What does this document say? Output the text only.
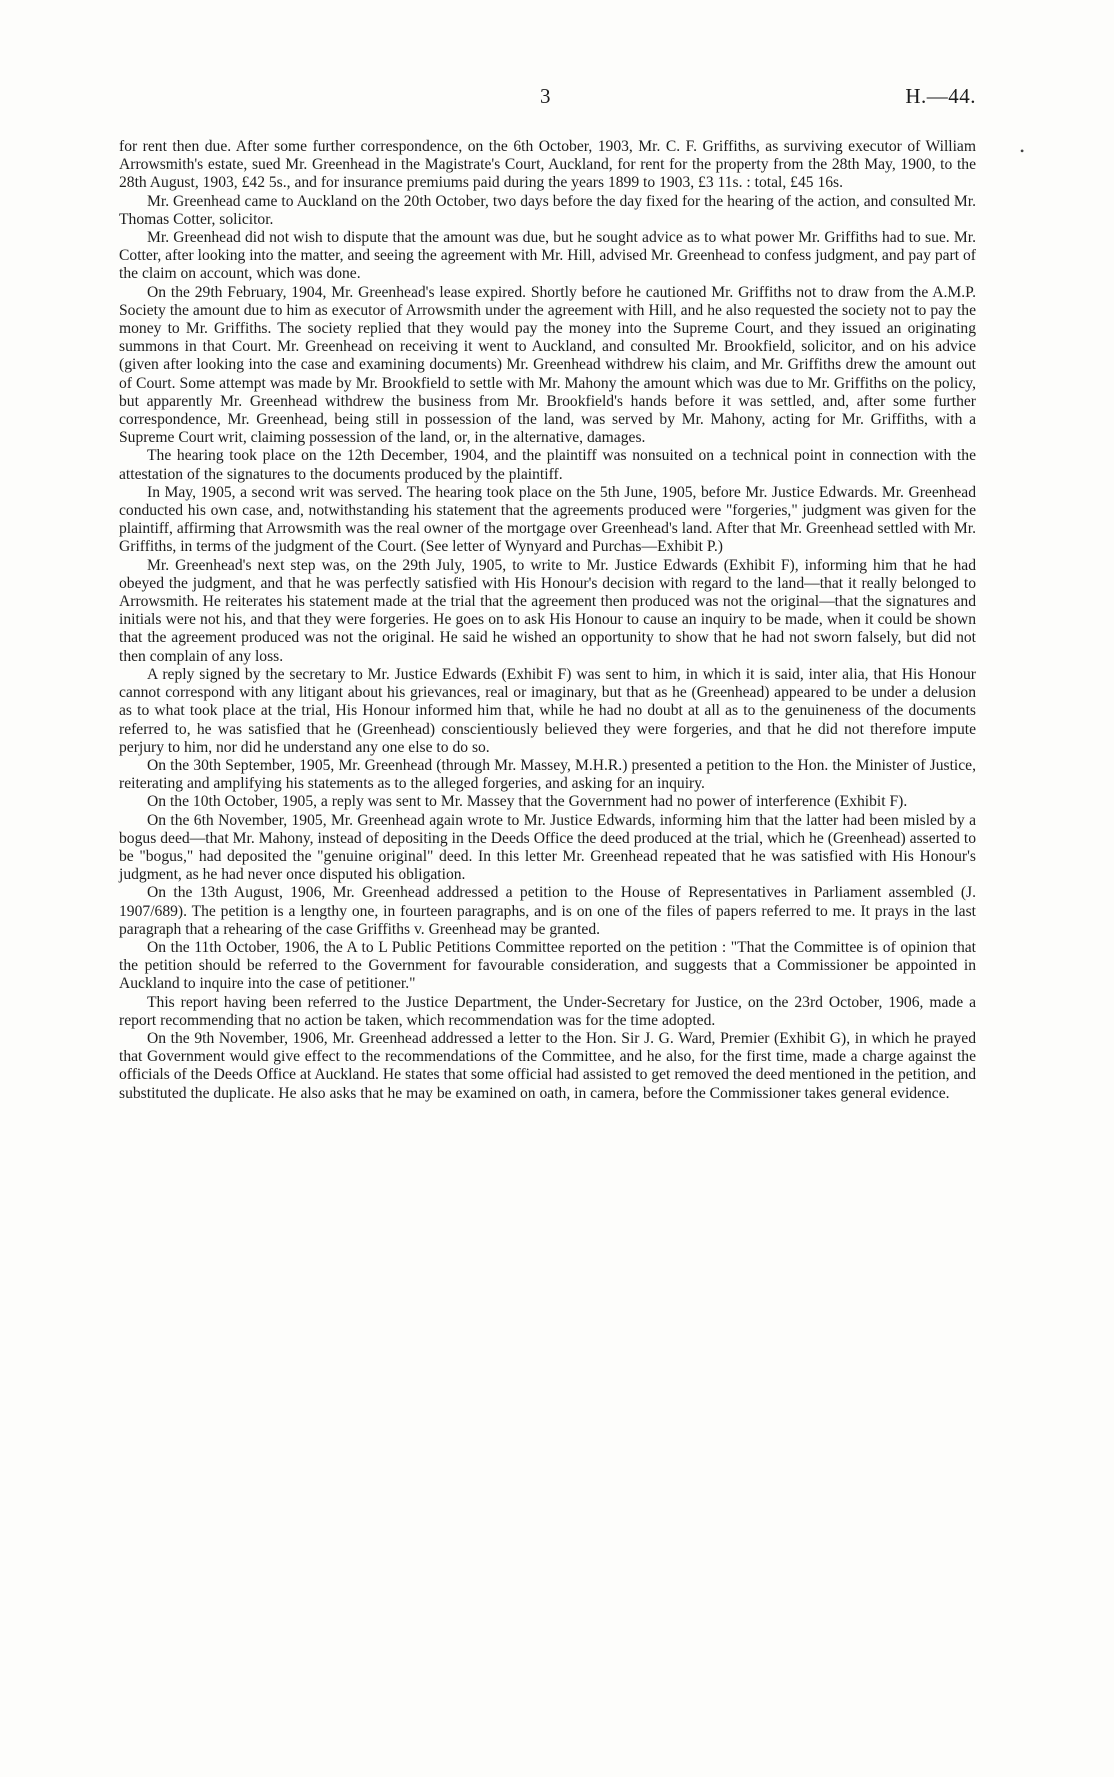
3	H.—44.
•

for rent then due. After some further correspondence, on the 6th October, 1903, Mr. C. F. Griffiths, as surviving executor of William Arrowsmith's estate, sued Mr. Greenhead in the Magistrate's Court, Auckland, for rent for the property from the 28th May, 1900, to the 28th August, 1903, £42 5s., and for insurance premiums paid during the years 1899 to 1903, £3 11s. : total, £45 16s.

Mr. Greenhead came to Auckland on the 20th October, two days before the day fixed for the hearing of the action, and consulted Mr. Thomas Cotter, solicitor.

Mr. Greenhead did not wish to dispute that the amount was due, but he sought advice as to what power Mr. Griffiths had to sue. Mr. Cotter, after looking into the matter, and seeing the agreement with Mr. Hill, advised Mr. Greenhead to confess judgment, and pay part of the claim on account, which was done.

On the 29th February, 1904, Mr. Greenhead's lease expired. Shortly before he cautioned Mr. Griffiths not to draw from the A.M.P. Society the amount due to him as executor of Arrowsmith under the agreement with Hill, and he also requested the society not to pay the money to Mr. Griffiths. The society replied that they would pay the money into the Supreme Court, and they issued an originating summons in that Court. Mr. Greenhead on receiving it went to Auckland, and consulted Mr. Brookfield, solicitor, and on his advice (given after looking into the case and examining documents) Mr. Greenhead withdrew his claim, and Mr. Griffiths drew the amount out of Court. Some attempt was made by Mr. Brookfield to settle with Mr. Mahony the amount which was due to Mr. Griffiths on the policy, but apparently Mr. Greenhead withdrew the business from Mr. Brookfield's hands before it was settled, and, after some further correspondence, Mr. Greenhead, being still in possession of the land, was served by Mr. Mahony, acting for Mr. Griffiths, with a Supreme Court writ, claiming possession of the land, or, in the alternative, damages.

The hearing took place on the 12th December, 1904, and the plaintiff was nonsuited on a technical point in connection with the attestation of the signatures to the documents produced by the plaintiff.

In May, 1905, a second writ was served. The hearing took place on the 5th June, 1905, before Mr. Justice Edwards. Mr. Greenhead conducted his own case, and, notwithstanding his statement that the agreements produced were "forgeries," judgment was given for the plaintiff, affirming that Arrowsmith was the real owner of the mortgage over Greenhead's land. After that Mr. Greenhead settled with Mr. Griffiths, in terms of the judgment of the Court. (See letter of Wynyard and Purchas—Exhibit P.)

Mr. Greenhead's next step was, on the 29th July, 1905, to write to Mr. Justice Edwards (Exhibit F), informing him that he had obeyed the judgment, and that he was perfectly satisfied with His Honour's decision with regard to the land—that it really belonged to Arrowsmith. He reiterates his statement made at the trial that the agreement then produced was not the original—that the signatures and initials were not his, and that they were forgeries. He goes on to ask His Honour to cause an inquiry to be made, when it could be shown that the agreement produced was not the original. He said he wished an opportunity to show that he had not sworn falsely, but did not then complain of any loss.

A reply signed by the secretary to Mr. Justice Edwards (Exhibit F) was sent to him, in which it is said, inter alia, that His Honour cannot correspond with any litigant about his grievances, real or imaginary, but that as he (Greenhead) appeared to be under a delusion as to what took place at the trial, His Honour informed him that, while he had no doubt at all as to the genuineness of the documents referred to, he was satisfied that he (Greenhead) conscientiously believed they were forgeries, and that he did not therefore impute perjury to him, nor did he understand any one else to do so.

On the 30th September, 1905, Mr. Greenhead (through Mr. Massey, M.H.R.) presented a petition to the Hon. the Minister of Justice, reiterating and amplifying his statements as to the alleged forgeries, and asking for an inquiry.

On the 10th October, 1905, a reply was sent to Mr. Massey that the Government had no power of interference (Exhibit F).

On the 6th November, 1905, Mr. Greenhead again wrote to Mr. Justice Edwards, informing him that the latter had been misled by a bogus deed—that Mr. Mahony, instead of depositing in the Deeds Office the deed produced at the trial, which he (Greenhead) asserted to be "bogus," had deposited the "genuine original" deed. In this letter Mr. Greenhead repeated that he was satisfied with His Honour's judgment, as he had never once disputed his obligation.

On the 13th August, 1906, Mr. Greenhead addressed a petition to the House of Representatives in Parliament assembled (J. 1907/689). The petition is a lengthy one, in fourteen paragraphs, and is on one of the files of papers referred to me. It prays in the last paragraph that a rehearing of the case Griffiths v. Greenhead may be granted.

On the 11th October, 1906, the A to L Public Petitions Committee reported on the petition : "That the Committee is of opinion that the petition should be referred to the Government for favourable consideration, and suggests that a Commissioner be appointed in Auckland to inquire into the case of petitioner."

This report having been referred to the Justice Department, the Under-Secretary for Justice, on the 23rd October, 1906, made a report recommending that no action be taken, which recommendation was for the time adopted.

On the 9th November, 1906, Mr. Greenhead addressed a letter to the Hon. Sir J. G. Ward, Premier (Exhibit G), in which he prayed that Government would give effect to the recommendations of the Committee, and he also, for the first time, made a charge against the officials of the Deeds Office at Auckland. He states that some official had assisted to get removed the deed mentioned in the petition, and substituted the duplicate. He also asks that he may be examined on oath, in camera, before the Commissioner takes general evidence.
